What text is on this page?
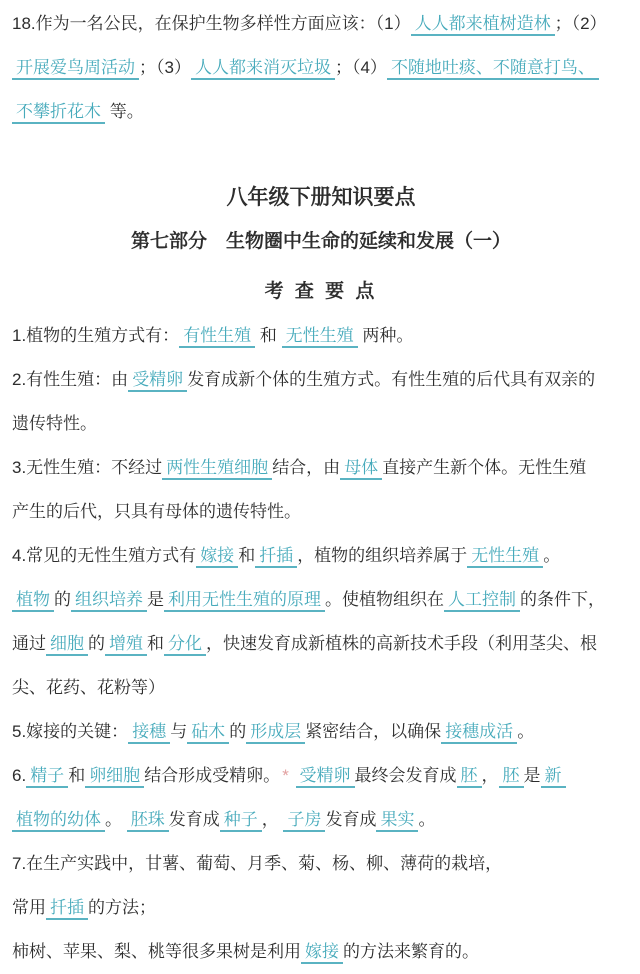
18.作为一名公民，在保护生物多样性方面应该：（1） 人人都来植树造林 ；（2）
开展爱鸟周活动 ；（3） 人人都来消灭垃圾 ；（4） 不随地吐痰、不随意打鸟、
不攀折花木 等。

八年级下册知识要点
第七部分　生物圈中生命的延续和发展（一）
考 查 要 点

1.植物的生殖方式有： 有性生殖 和 无性生殖 两种。

2.有性生殖：由 受精卵 发育成新个体的生殖方式。有性生殖的后代具有双亲的
遗传特性。

3.无性生殖：不经过 两性生殖细胞 结合，由 母体 直接产生新个体。无性生殖
产生的后代，只具有母体的遗传特性。

4.常见的无性生殖方式有 嫁接 和 扦插 ，植物的组织培养属于 无性生殖 。
植物 的 组织培养 是 利用无性生殖的原理 。使植物组织在 人工控制 的条件下，
通过 细胞 的 增殖 和 分化 ，快速发育成新植株的高新技术手段（利用茎尖、根
尖、花药、花粉等）

5.嫁接的关键： 接穗 与 砧木 的 形成层 紧密结合，以确保 接穗成活 。

6. 精子 和 卵细胞 结合形成受精卵。 * 受精卵 最终会发育成 胚 ， 胚 是 新
植物的幼体 。 胚珠 发育成 种子 ， 子房 发育成 果实 。

7.在生产实践中，甘薯、葡萄、月季、菊、杨、柳、薄荷的栽培，
常用 扦插 的方法；

柿树、苹果、梨、桃等很多果树是利用 嫁接 的方法来繁育的。
